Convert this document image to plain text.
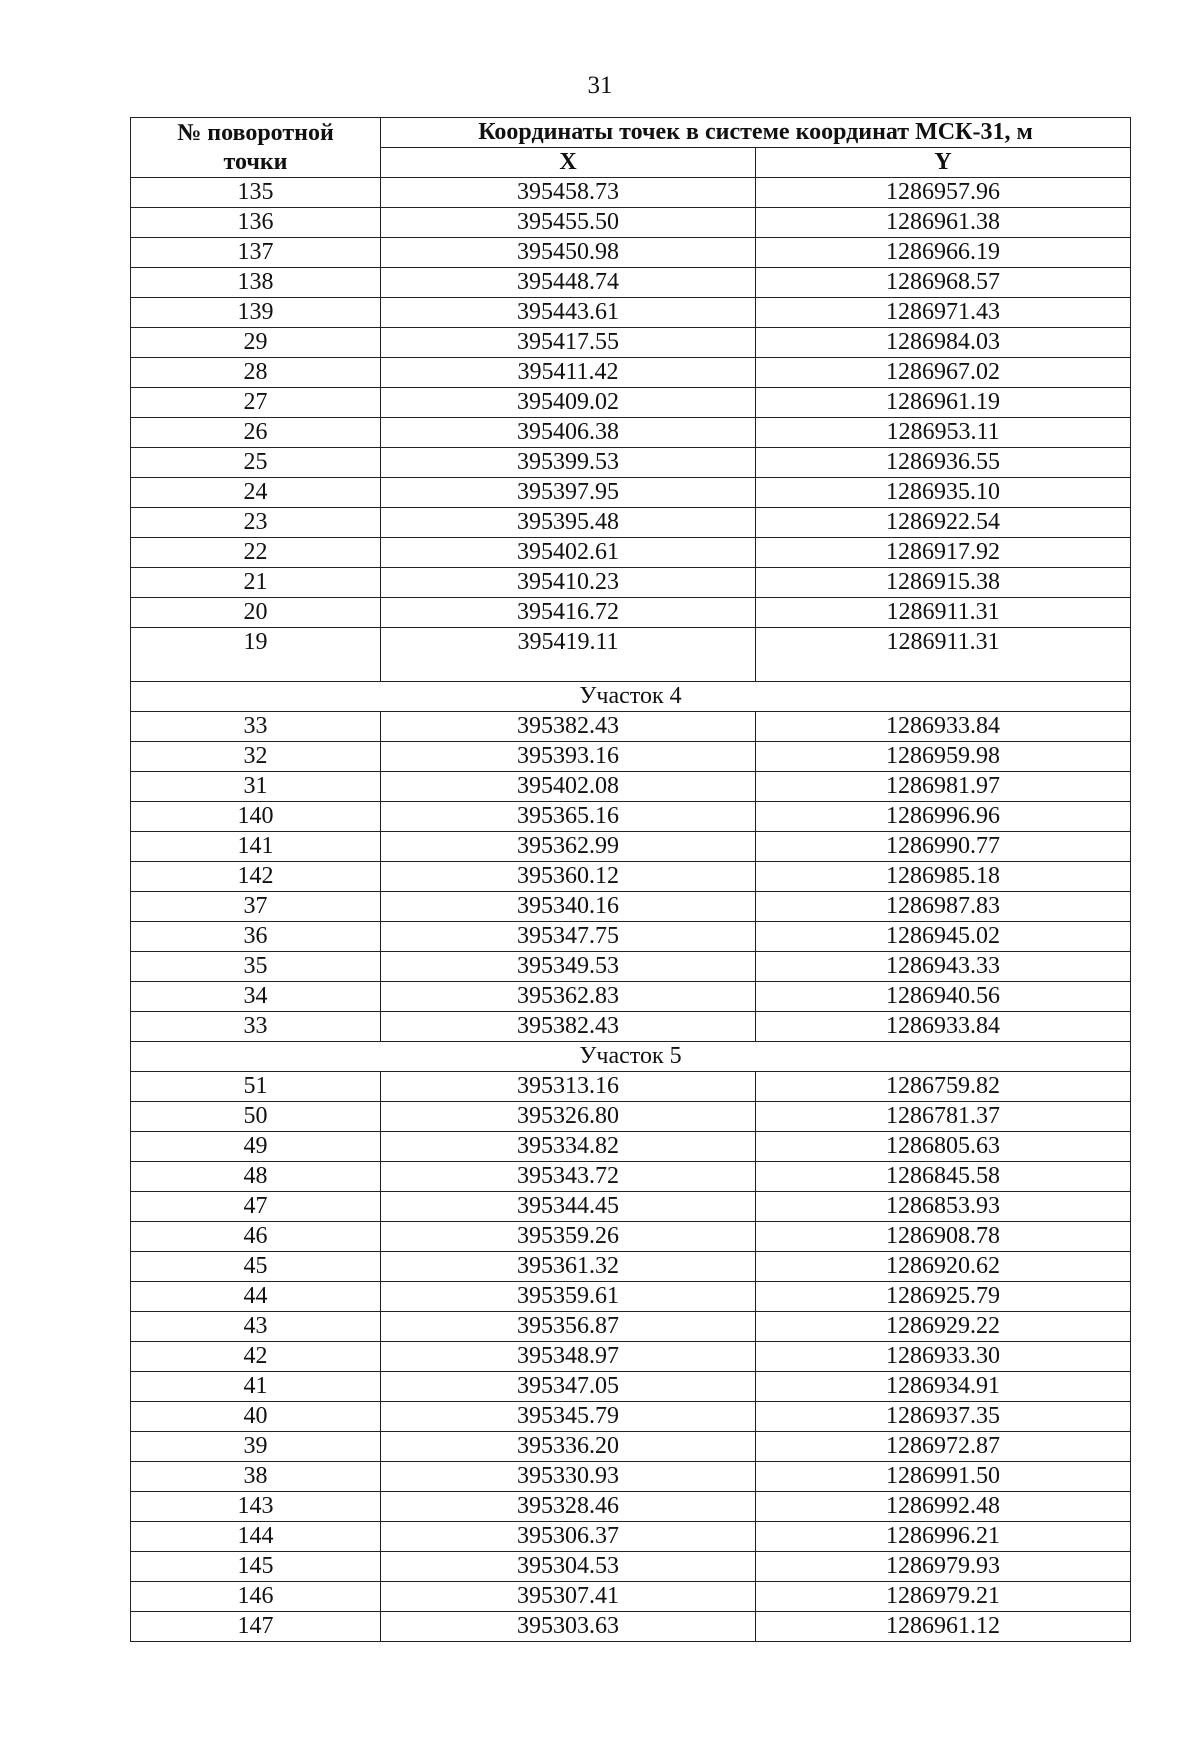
31
№ поворотной точки	Координаты точек в системе координат МСК-31, м	
	X	Y
135	395458.73	1286957.96
136	395455.50	1286961.38
137	395450.98	1286966.19
138	395448.74	1286968.57
139	395443.61	1286971.43
29	395417.55	1286984.03
28	395411.42	1286967.02
27	395409.02	1286961.19
26	395406.38	1286953.11
25	395399.53	1286936.55
24	395397.95	1286935.10
23	395395.48	1286922.54
22	395402.61	1286917.92
21	395410.23	1286915.38
20	395416.72	1286911.31
19	395419.11	1286911.31
Участок 4		
33	395382.43	1286933.84
32	395393.16	1286959.98
31	395402.08	1286981.97
140	395365.16	1286996.96
141	395362.99	1286990.77
142	395360.12	1286985.18
37	395340.16	1286987.83
36	395347.75	1286945.02
35	395349.53	1286943.33
34	395362.83	1286940.56
33	395382.43	1286933.84
Участок 5		
51	395313.16	1286759.82
50	395326.80	1286781.37
49	395334.82	1286805.63
48	395343.72	1286845.58
47	395344.45	1286853.93
46	395359.26	1286908.78
45	395361.32	1286920.62
44	395359.61	1286925.79
43	395356.87	1286929.22
42	395348.97	1286933.30
41	395347.05	1286934.91
40	395345.79	1286937.35
39	395336.20	1286972.87
38	395330.93	1286991.50
143	395328.46	1286992.48
144	395306.37	1286996.21
145	395304.53	1286979.93
146	395307.41	1286979.21
147	395303.63	1286961.12
